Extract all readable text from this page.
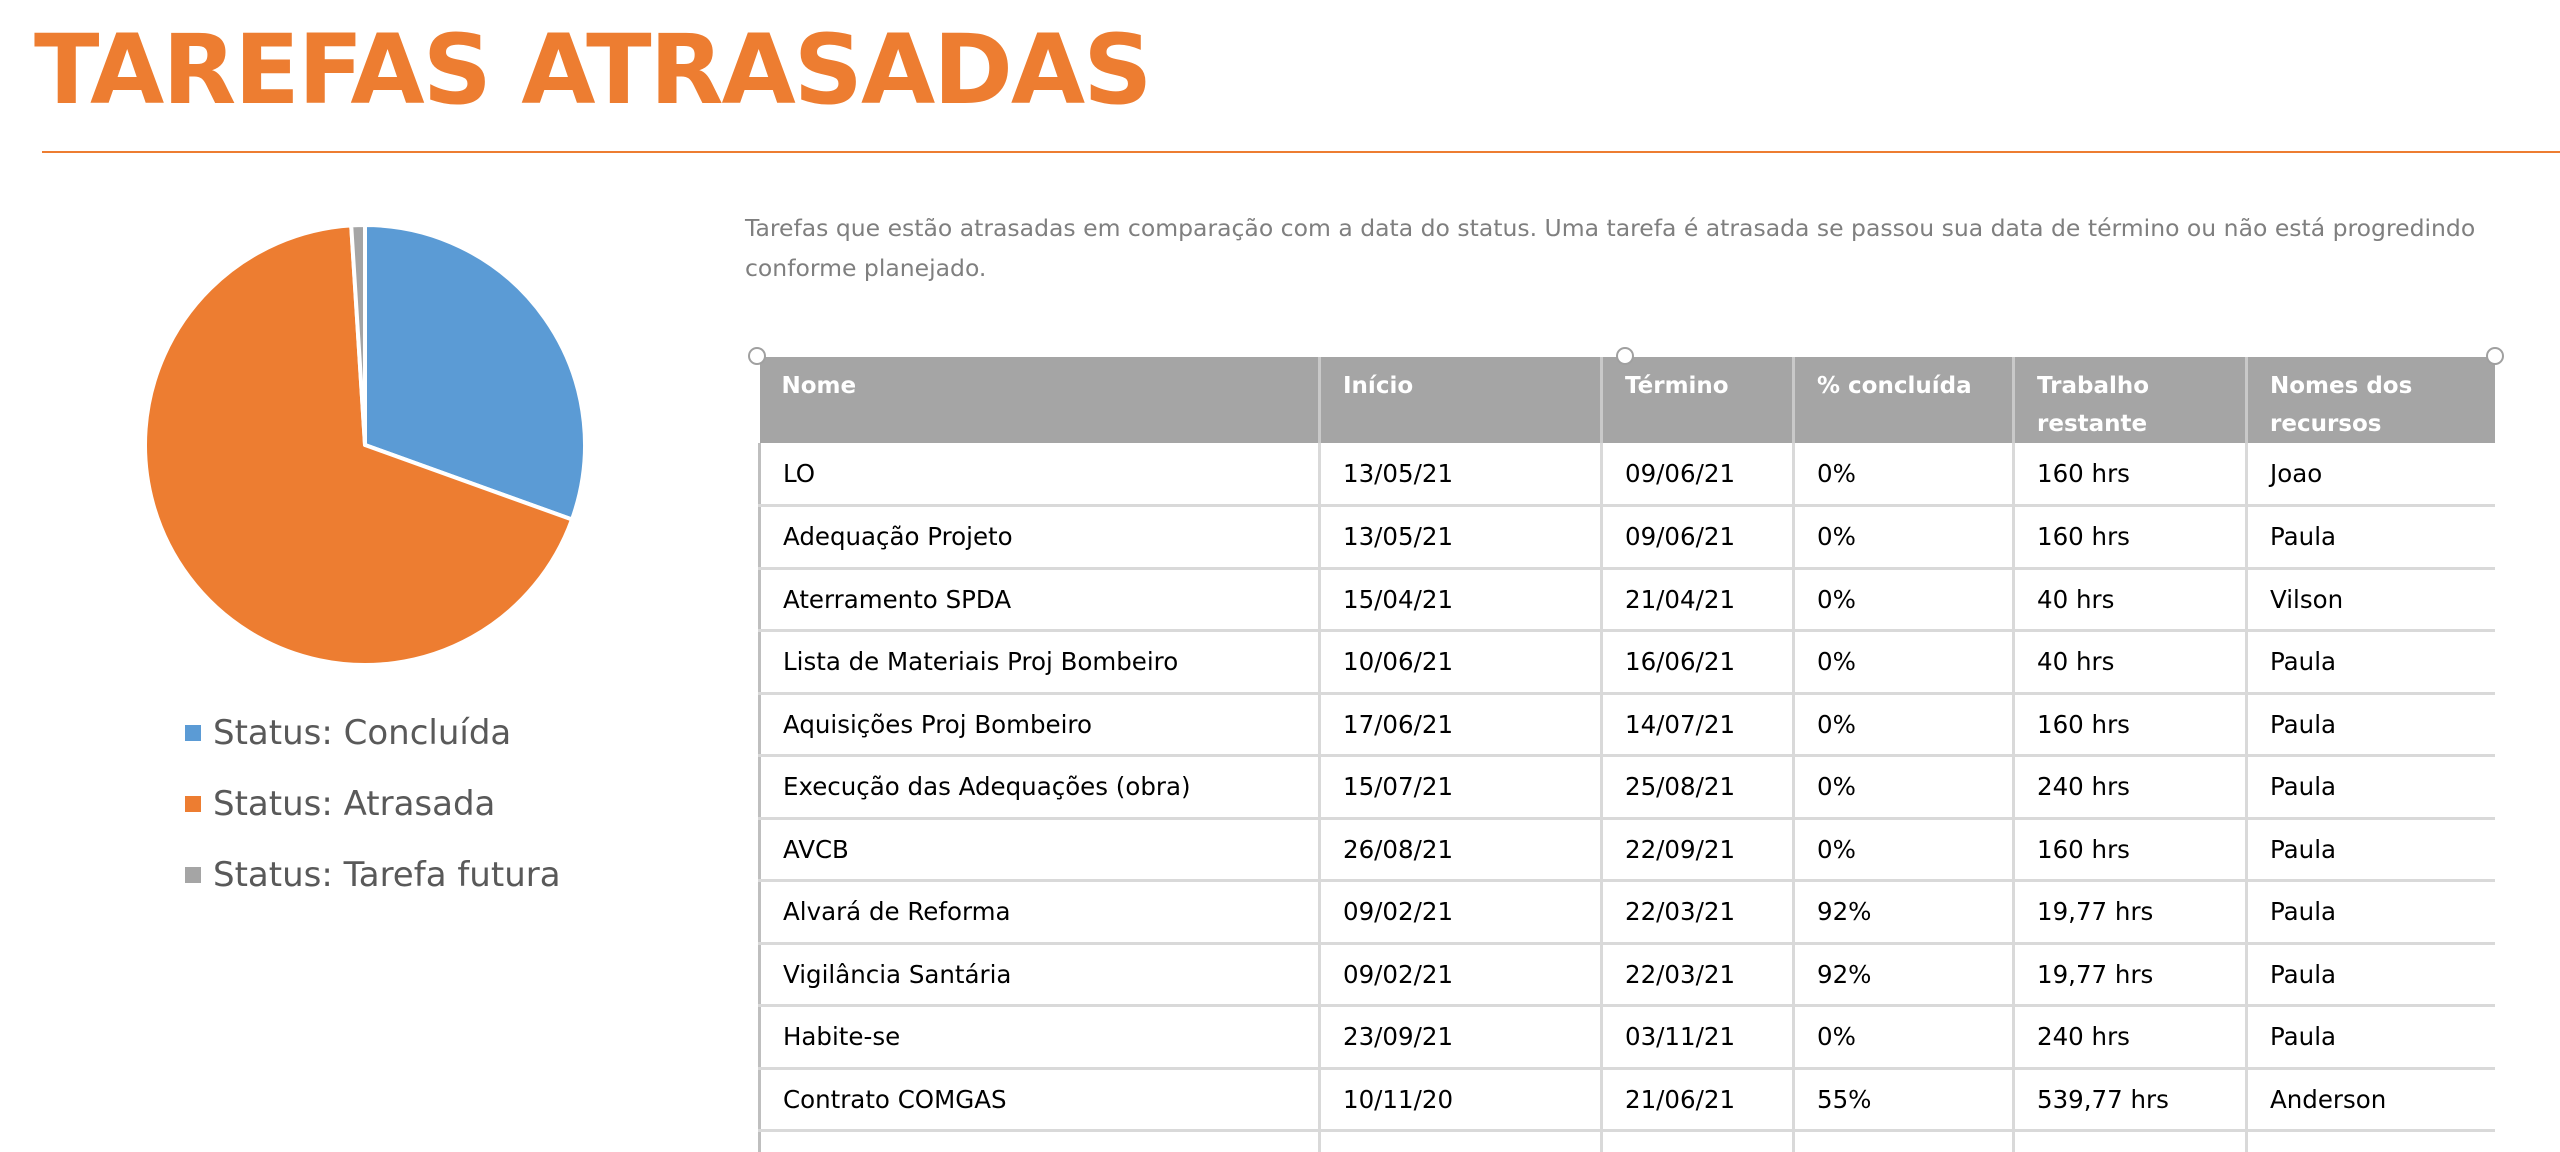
TAREFAS ATRASADAS
Status: Concluída
Status: Atrasada
Status: Tarefa futura

Tarefas que estão atrasadas em comparação com a data do status. Uma tarefa é atrasada se passou sua data de término ou não está progredindo conforme planejado.

Nome	Início	Término	% concluída	Trabalho restante	Nomes dos recursos
LO	13/05/21	09/06/21	0%	160 hrs	Joao
Adequação Projeto	13/05/21	09/06/21	0%	160 hrs	Paula
Aterramento SPDA	15/04/21	21/04/21	0%	40 hrs	Vilson
Lista de Materiais Proj Bombeiro	10/06/21	16/06/21	0%	40 hrs	Paula
Aquisições Proj Bombeiro	17/06/21	14/07/21	0%	160 hrs	Paula
Execução das Adequações (obra)	15/07/21	25/08/21	0%	240 hrs	Paula
AVCB	26/08/21	22/09/21	0%	160 hrs	Paula
Alvará de Reforma	09/02/21	22/03/21	92%	19,77 hrs	Paula
Vigilância Santária	09/02/21	22/03/21	92%	19,77 hrs	Paula
Habite-se	23/09/21	03/11/21	0%	240 hrs	Paula
Contrato COMGAS	10/11/20	21/06/21	55%	539,77 hrs	Anderson
